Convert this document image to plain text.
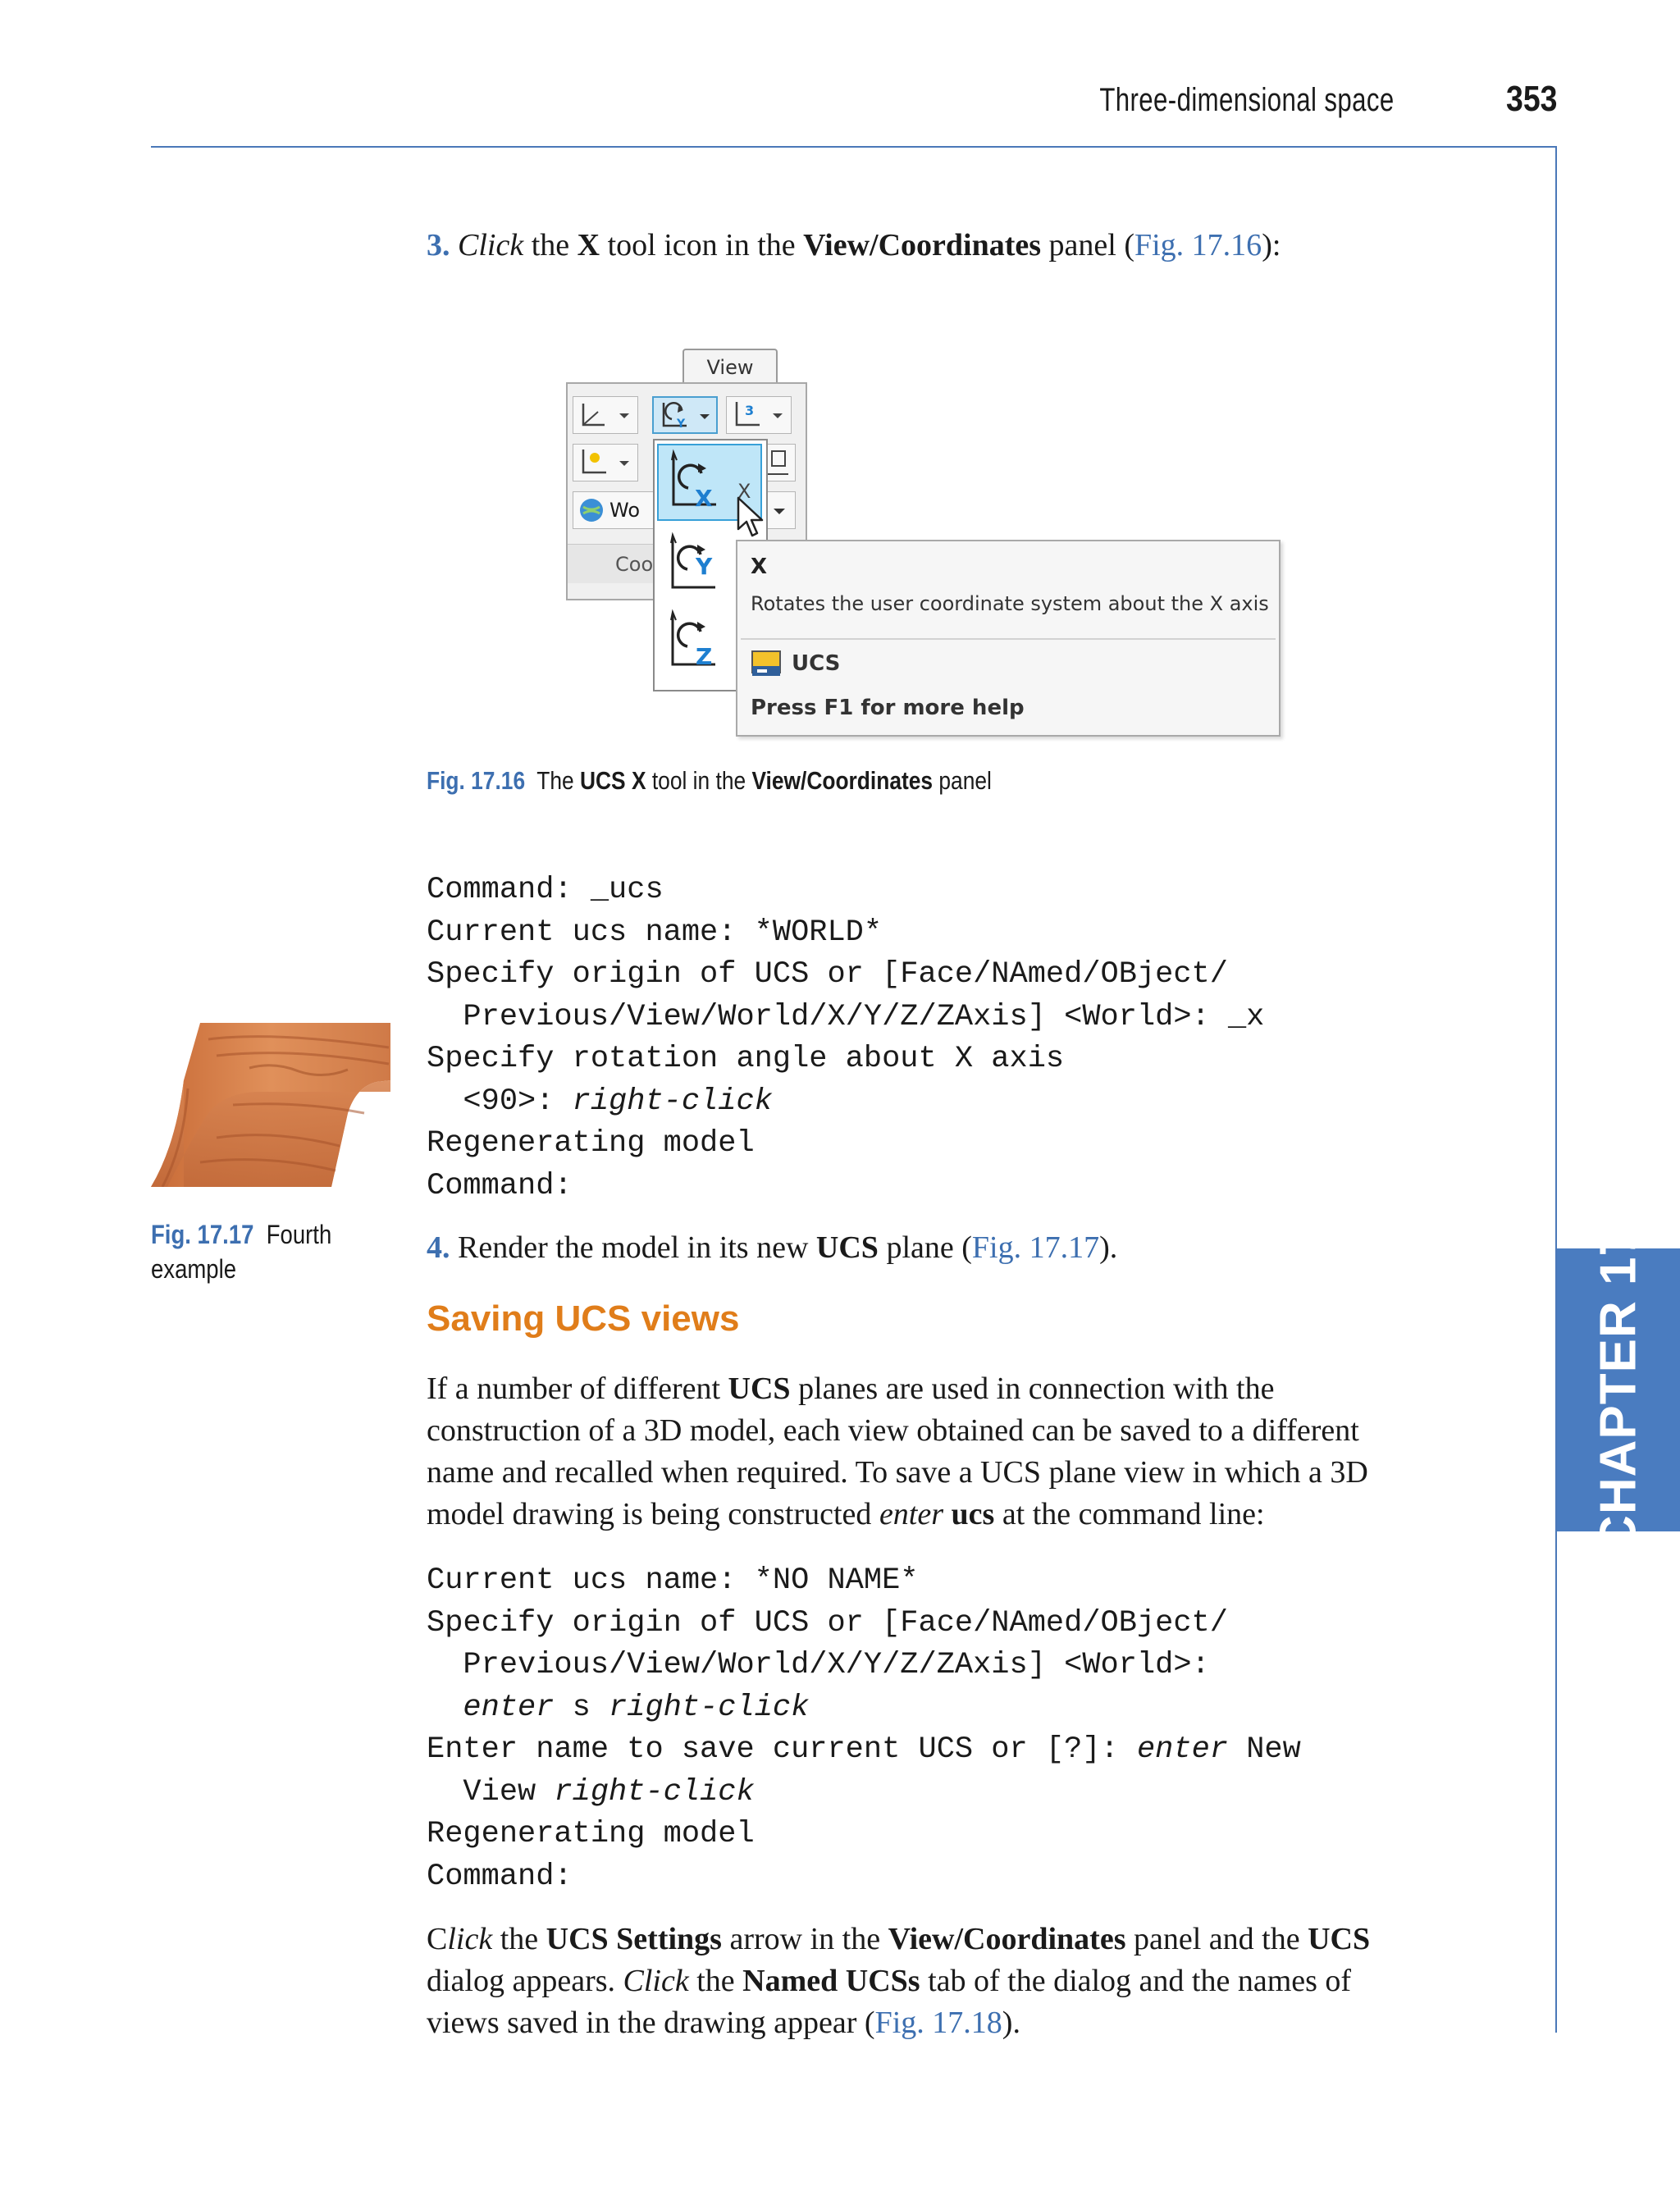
Three-dimensional space	353
CHAPTER 17
3. Click the X tool icon in the View/Coordinates panel (Fig. 17.16):
View
Y
3
Wo
Coo
X X
Y
Z
X
Rotates the user coordinate system about the X axis
UCS
Press F1 for more help
Fig. 17.16 The UCS X tool in the View/Coordinates panel
Command: _ucs
Current ucs name: *WORLD*
Specify origin of UCS or [Face/NAmed/OBject/
Previous/View/World/X/Y/Z/ZAxis] <World>: _x
Specify rotation angle about X axis
<90>: right-click
Regenerating model
Command:
Fig. 17.17 Fourth
example
4. Render the model in its new UCS plane (Fig. 17.17).
Saving UCS views
If a number of different UCS planes are used in connection with the construction of a 3D model, each view obtained can be saved to a different name and recalled when required. To save a UCS plane view in which a 3D model drawing is being constructed enter ucs at the command line:
Current ucs name: *NO NAME*
Specify origin of UCS or [Face/NAmed/OBject/
Previous/View/World/X/Y/Z/ZAxis] <World>:
enter s right-click
Enter name to save current UCS or [?]: enter New
View right-click
Regenerating model
Command:
Click the UCS Settings arrow in the View/Coordinates panel and the UCS dialog appears. Click the Named UCSs tab of the dialog and the names of views saved in the drawing appear (Fig. 17.18).
